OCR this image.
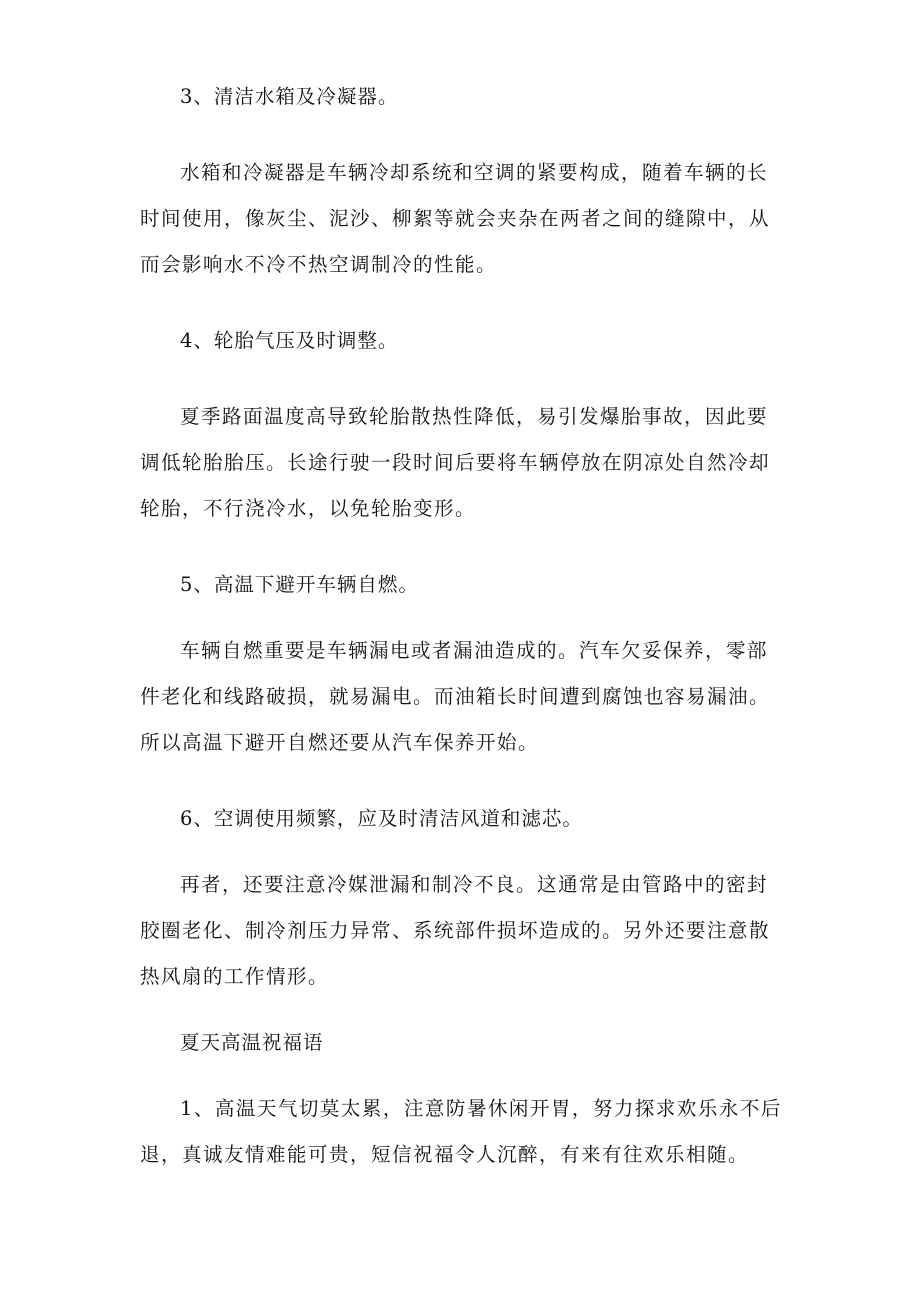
3、清洁水箱及冷凝器。

水箱和冷凝器是车辆冷却系统和空调的紧要构成，随着车辆的长时间使用，像灰尘、泥沙、柳絮等就会夹杂在两者之间的缝隙中，从而会影响水不冷不热空调制冷的性能。

4、轮胎气压及时调整。

夏季路面温度高导致轮胎散热性降低，易引发爆胎事故，因此要调低轮胎胎压。长途行驶一段时间后要将车辆停放在阴凉处自然冷却轮胎，不行浇冷水，以免轮胎变形。

5、高温下避开车辆自燃。

车辆自燃重要是车辆漏电或者漏油造成的。汽车欠妥保养，零部件老化和线路破损，就易漏电。而油箱长时间遭到腐蚀也容易漏油。所以高温下避开自燃还要从汽车保养开始。

6、空调使用频繁，应及时清洁风道和滤芯。

再者，还要注意冷媒泄漏和制冷不良。这通常是由管路中的密封胶圈老化、制冷剂压力异常、系统部件损坏造成的。另外还要注意散热风扇的工作情形。

夏天高温祝福语

1、高温天气切莫太累，注意防暑休闲开胃，努力探求欢乐永不后退，真诚友情难能可贵，短信祝福令人沉醉，有来有往欢乐相随。
